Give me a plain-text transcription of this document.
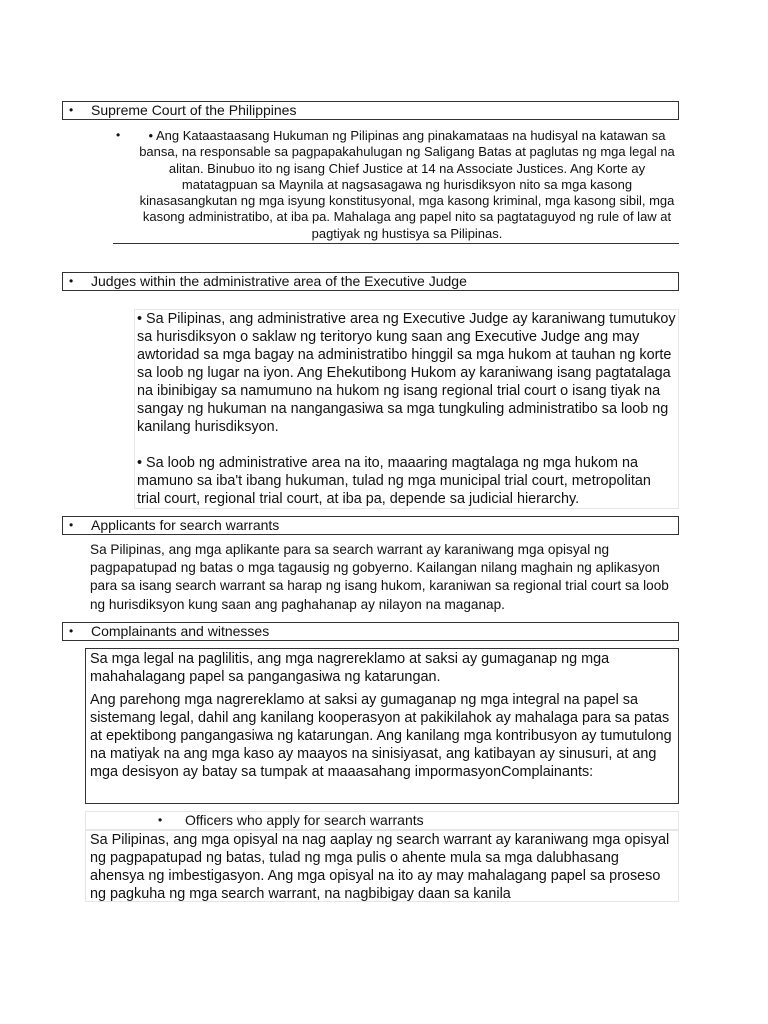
• Supreme Court of the Philippines
•	• Ang Kataastaasang Hukuman ng Pilipinas ang pinakamataas na hudisyal na katawan sa bansa, na responsable sa pagpapakahulugan ng Saligang Batas at paglutas ng mga legal na alitan. Binubuo ito ng isang Chief Justice at 14 na Associate Justices. Ang Korte ay matatagpuan sa Maynila at nagsasagawa ng hurisdiksyon nito sa mga kasong kinasasangkutan ng mga isyung konstitusyonal, mga kasong kriminal, mga kasong sibil, mga kasong administratibo, at iba pa. Mahalaga ang papel nito sa pagtataguyod ng rule of law at pagtiyak ng hustisya sa Pilipinas.

• Judges within the administrative area of the Executive Judge

• Sa Pilipinas, ang administrative area ng Executive Judge ay karaniwang tumutukoy sa hurisdiksyon o saklaw ng teritoryo kung saan ang Executive Judge ang may awtoridad sa mga bagay na administratibo hinggil sa mga hukom at tauhan ng korte sa loob ng lugar na iyon. Ang Ehekutibong Hukom ay karaniwang isang pagtatalaga na ibinibigay sa namumuno na hukom ng isang regional trial court o isang tiyak na sangay ng hukuman na nangangasiwa sa mga tungkuling administratibo sa loob ng kanilang hurisdiksyon.

• Sa loob ng administrative area na ito, maaaring magtalaga ng mga hukom na mamuno sa iba't ibang hukuman, tulad ng mga municipal trial court, metropolitan trial court, regional trial court, at iba pa, depende sa judicial hierarchy.

• Applicants for search warrants

Sa Pilipinas, ang mga aplikante para sa search warrant ay karaniwang mga opisyal ng pagpapatupad ng batas o mga tagausig ng gobyerno. Kailangan nilang maghain ng aplikasyon para sa isang search warrant sa harap ng isang hukom, karaniwan sa regional trial court sa loob ng hurisdiksyon kung saan ang paghahanap ay nilayon na maganap.

• Complainants and witnesses

Sa mga legal na paglilitis, ang mga nagrereklamo at saksi ay gumaganap ng mga mahahalagang papel sa pangangasiwa ng katarungan.

Ang parehong mga nagrereklamo at saksi ay gumaganap ng mga integral na papel sa sistemang legal, dahil ang kanilang kooperasyon at pakikilahok ay mahalaga para sa patas at epektibong pangangasiwa ng katarungan. Ang kanilang mga kontribusyon ay tumutulong na matiyak na ang mga kaso ay maayos na sinisiyasat, ang katibayan ay sinusuri, at ang mga desisyon ay batay sa tumpak at maaasahang impormasyonComplainants:

• Officers who apply for search warrants

Sa Pilipinas, ang mga opisyal na nag aaplay ng search warrant ay karaniwang mga opisyal ng pagpapatupad ng batas, tulad ng mga pulis o ahente mula sa mga dalubhasang ahensya ng imbestigasyon. Ang mga opisyal na ito ay may mahalagang papel sa proseso ng pagkuha ng mga search warrant, na nagbibigay daan sa kanila
